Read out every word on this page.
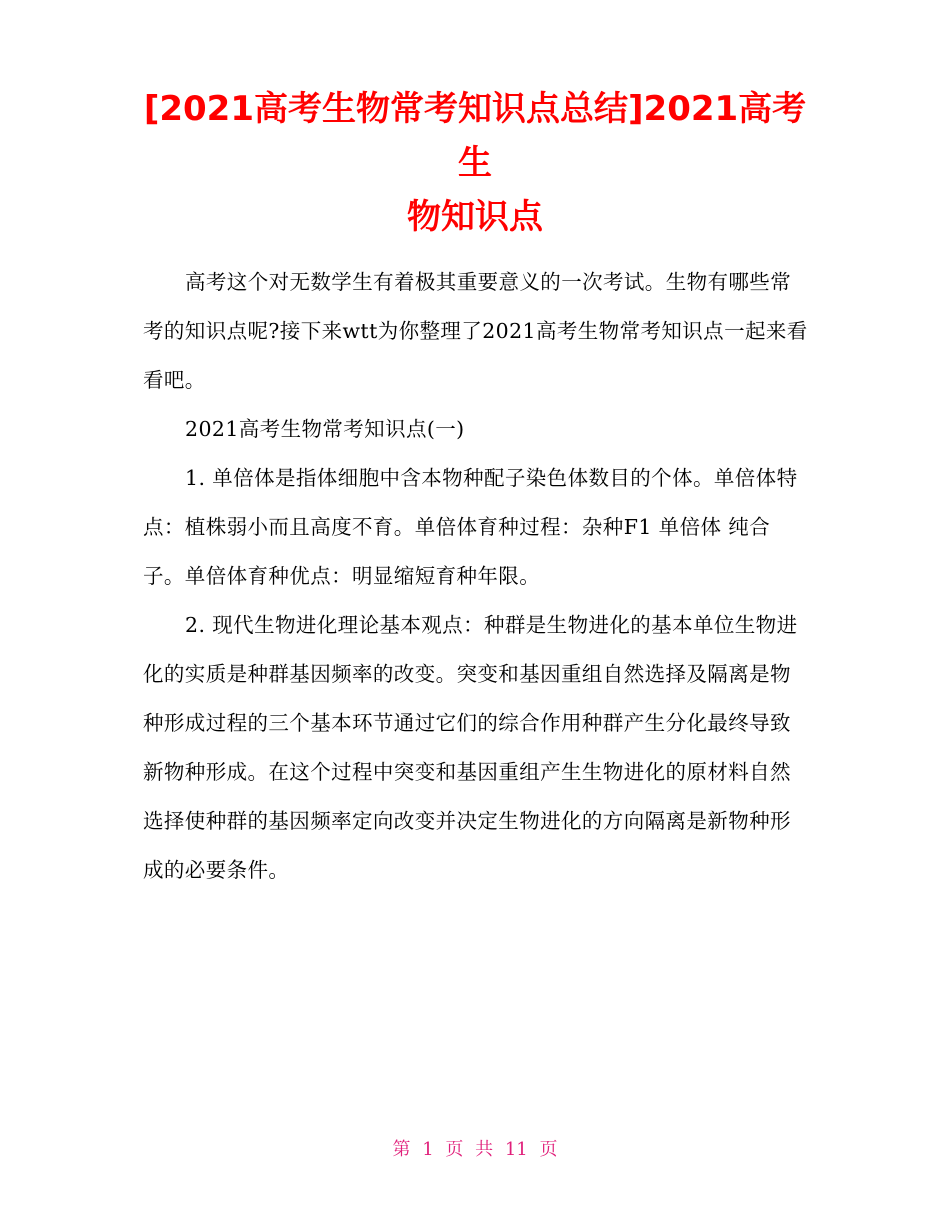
[2021高考生物常考知识点总结]2021高考生
物知识点

高考这个对无数学生有着极其重要意义的一次考试。生物有哪些常考的知识点呢?接下来wtt为你整理了2021高考生物常考知识点一起来看看吧。

2021高考生物常考知识点(一)

1. 单倍体是指体细胞中含本物种配子染色体数目的个体。单倍体特点：植株弱小而且高度不育。单倍体育种过程：杂种F1 单倍体 纯合子。单倍体育种优点：明显缩短育种年限。

2. 现代生物进化理论基本观点：种群是生物进化的基本单位生物进化的实质是种群基因频率的改变。突变和基因重组自然选择及隔离是物种形成过程的三个基本环节通过它们的综合作用种群产生分化最终导致新物种形成。在这个过程中突变和基因重组产生生物进化的原材料自然选择使种群的基因频率定向改变并决定生物进化的方向隔离是新物种形成的必要条件。

第 1 页 共 11 页
